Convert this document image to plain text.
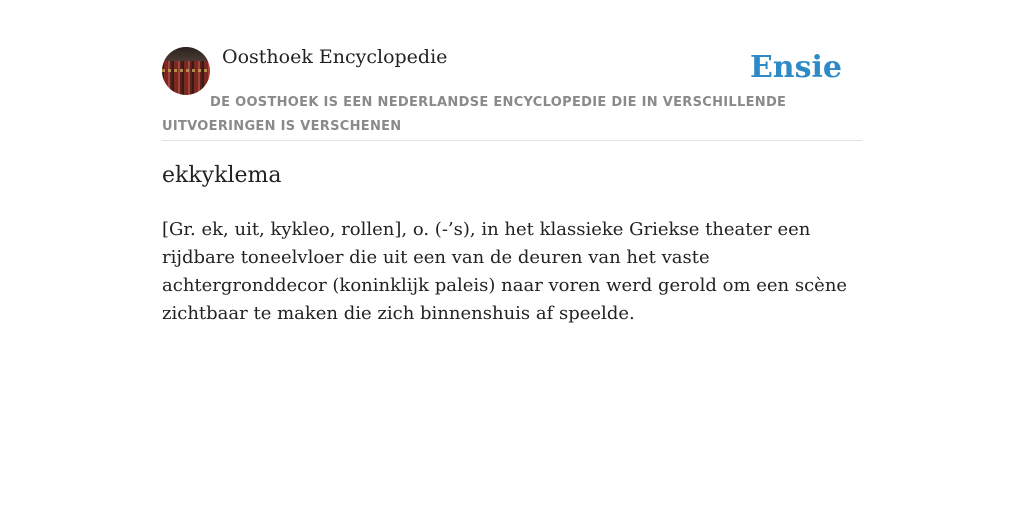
Oosthoek Encyclopedie	Ensie
DE OOSTHOEK IS EEN NEDERLANDSE ENCYCLOPEDIE DIE IN VERSCHILLENDE UITVOERINGEN IS VERSCHENEN
ekkyklema
[Gr. ek, uit, kykleo, rollen], o. (-’s), in het klassieke Griekse theater een rijdbare toneelvloer die uit een van de deuren van het vaste achtergronddecor (koninklijk paleis) naar voren werd gerold om een scène zichtbaar te maken die zich binnenshuis af speelde.
